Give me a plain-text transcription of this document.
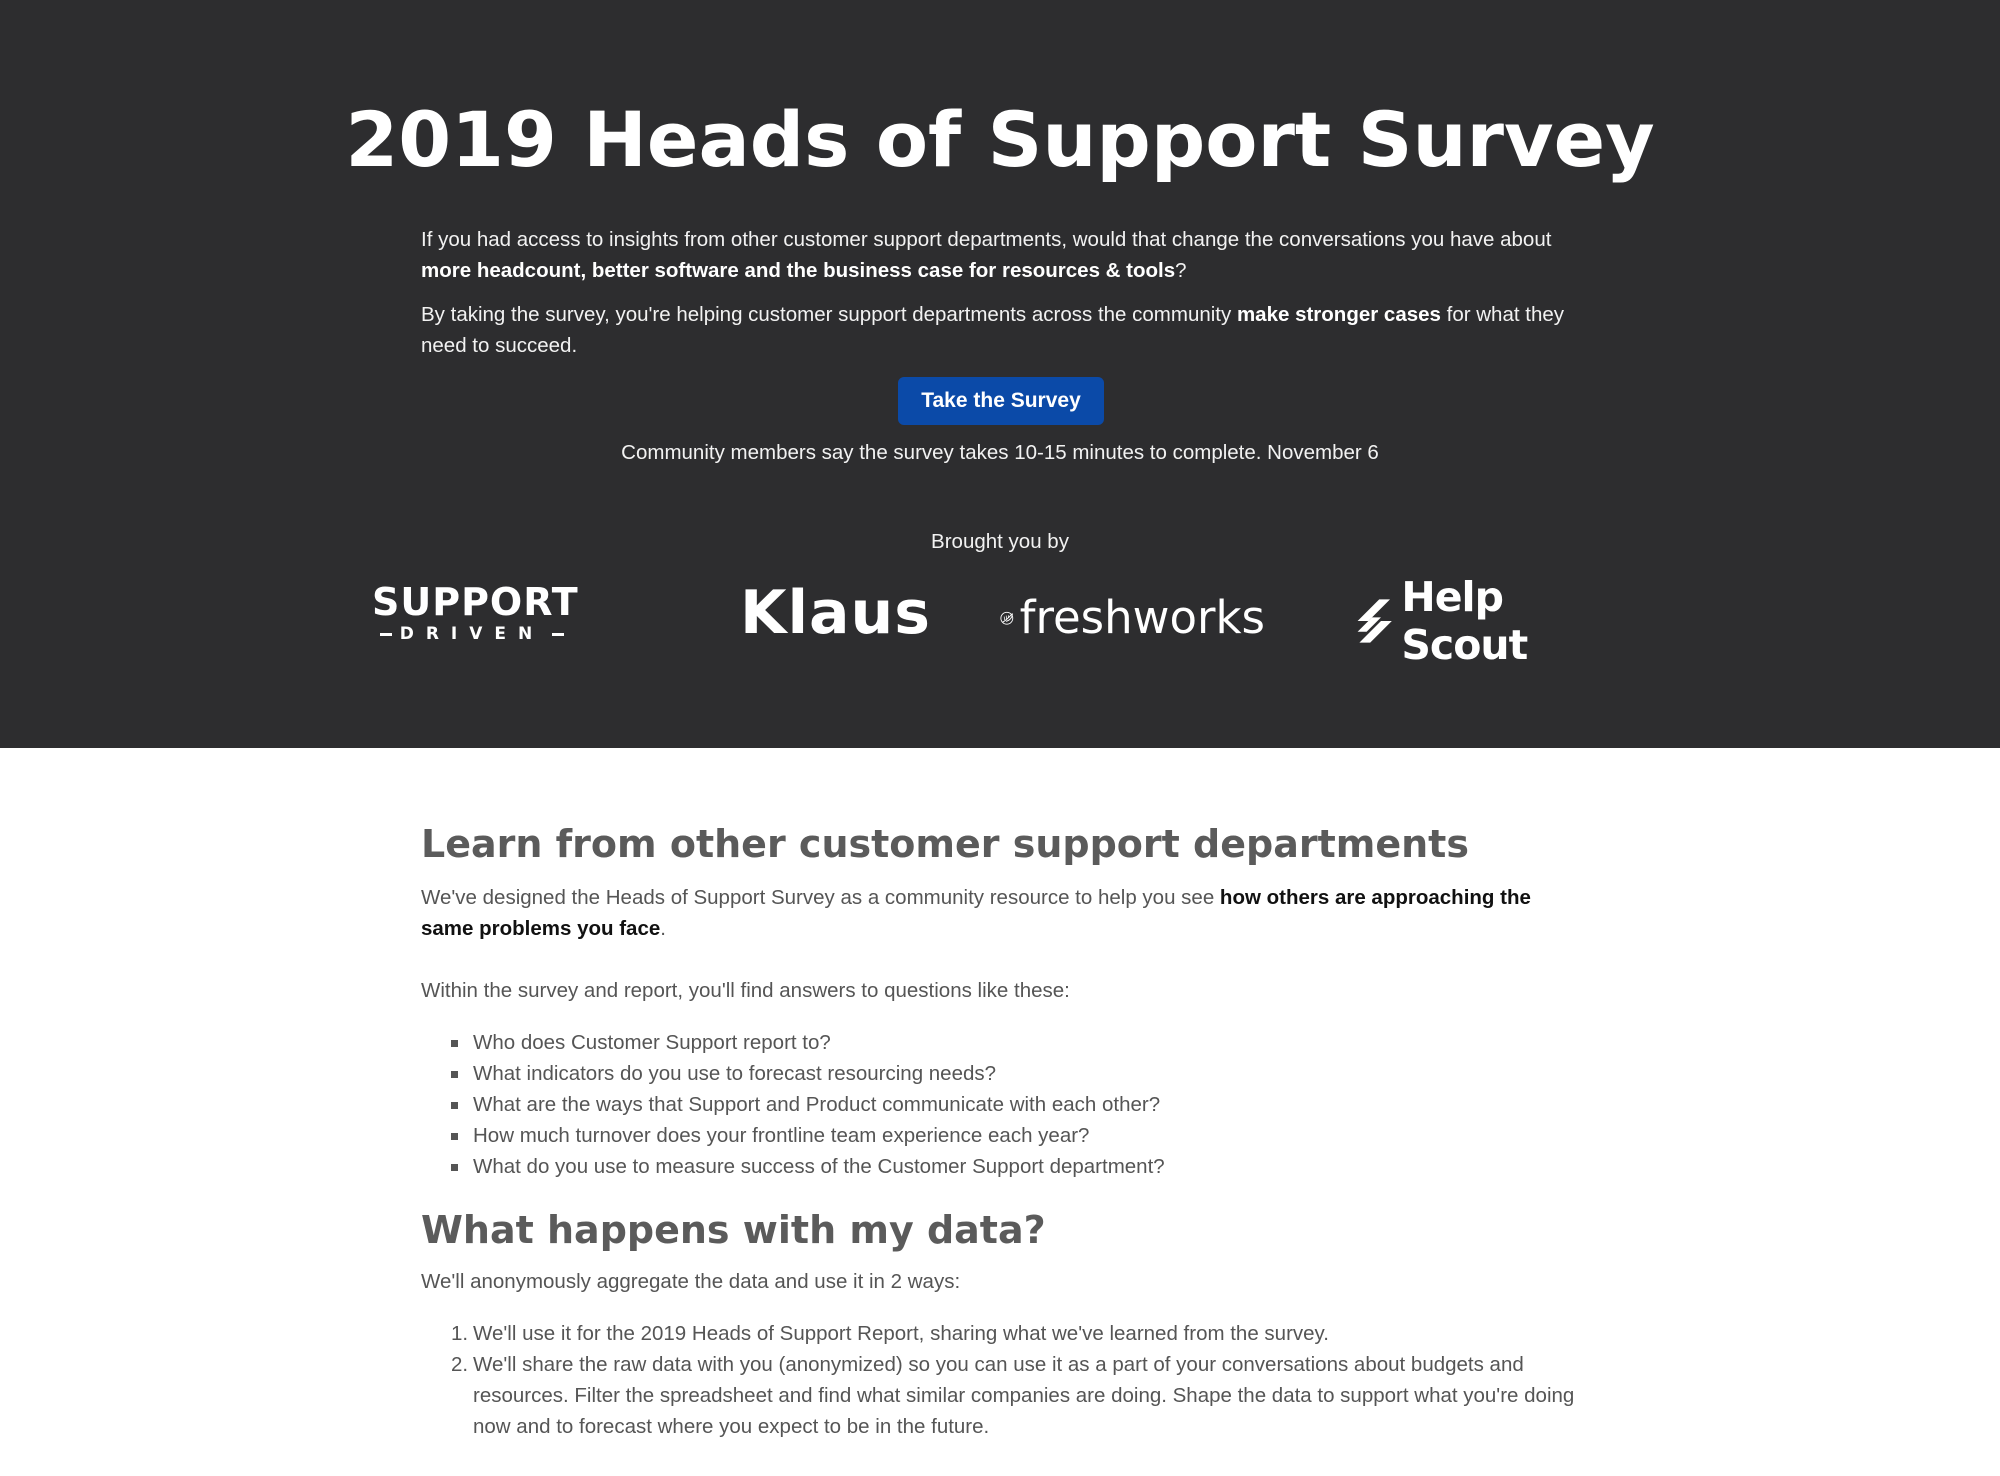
2019 Heads of Support Survey

If you had access to insights from other customer support departments, would that change the conversations you have about more headcount, better software and the business case for resources & tools?

By taking the survey, you're helping customer support departments across the community make stronger cases for what they need to succeed.

Take the Survey
Community members say the survey takes 10-15 minutes to complete. November 6
Brought you by
SUPPORT
DRIVEN	Klaus freshworks	Help Scout
Learn from other customer support departments

We've designed the Heads of Support Survey as a community resource to help you see how others are approaching the same problems you face.

Within the survey and report, you'll find answers to questions like these:

Who does Customer Support report to?
What indicators do you use to forecast resourcing needs?
What are the ways that Support and Product communicate with each other?
How much turnover does your frontline team experience each year?
What do you use to measure success of the Customer Support department?
What happens with my data?

We'll anonymously aggregate the data and use it in 2 ways:

1. We'll use it for the 2019 Heads of Support Report, sharing what we've learned from the survey.
2. We'll share the raw data with you (anonymized) so you can use it as a part of your conversations about budgets and resources. Filter the spreadsheet and find what similar companies are doing. Shape the data to support what you're doing now and to forecast where you expect to be in the future.
